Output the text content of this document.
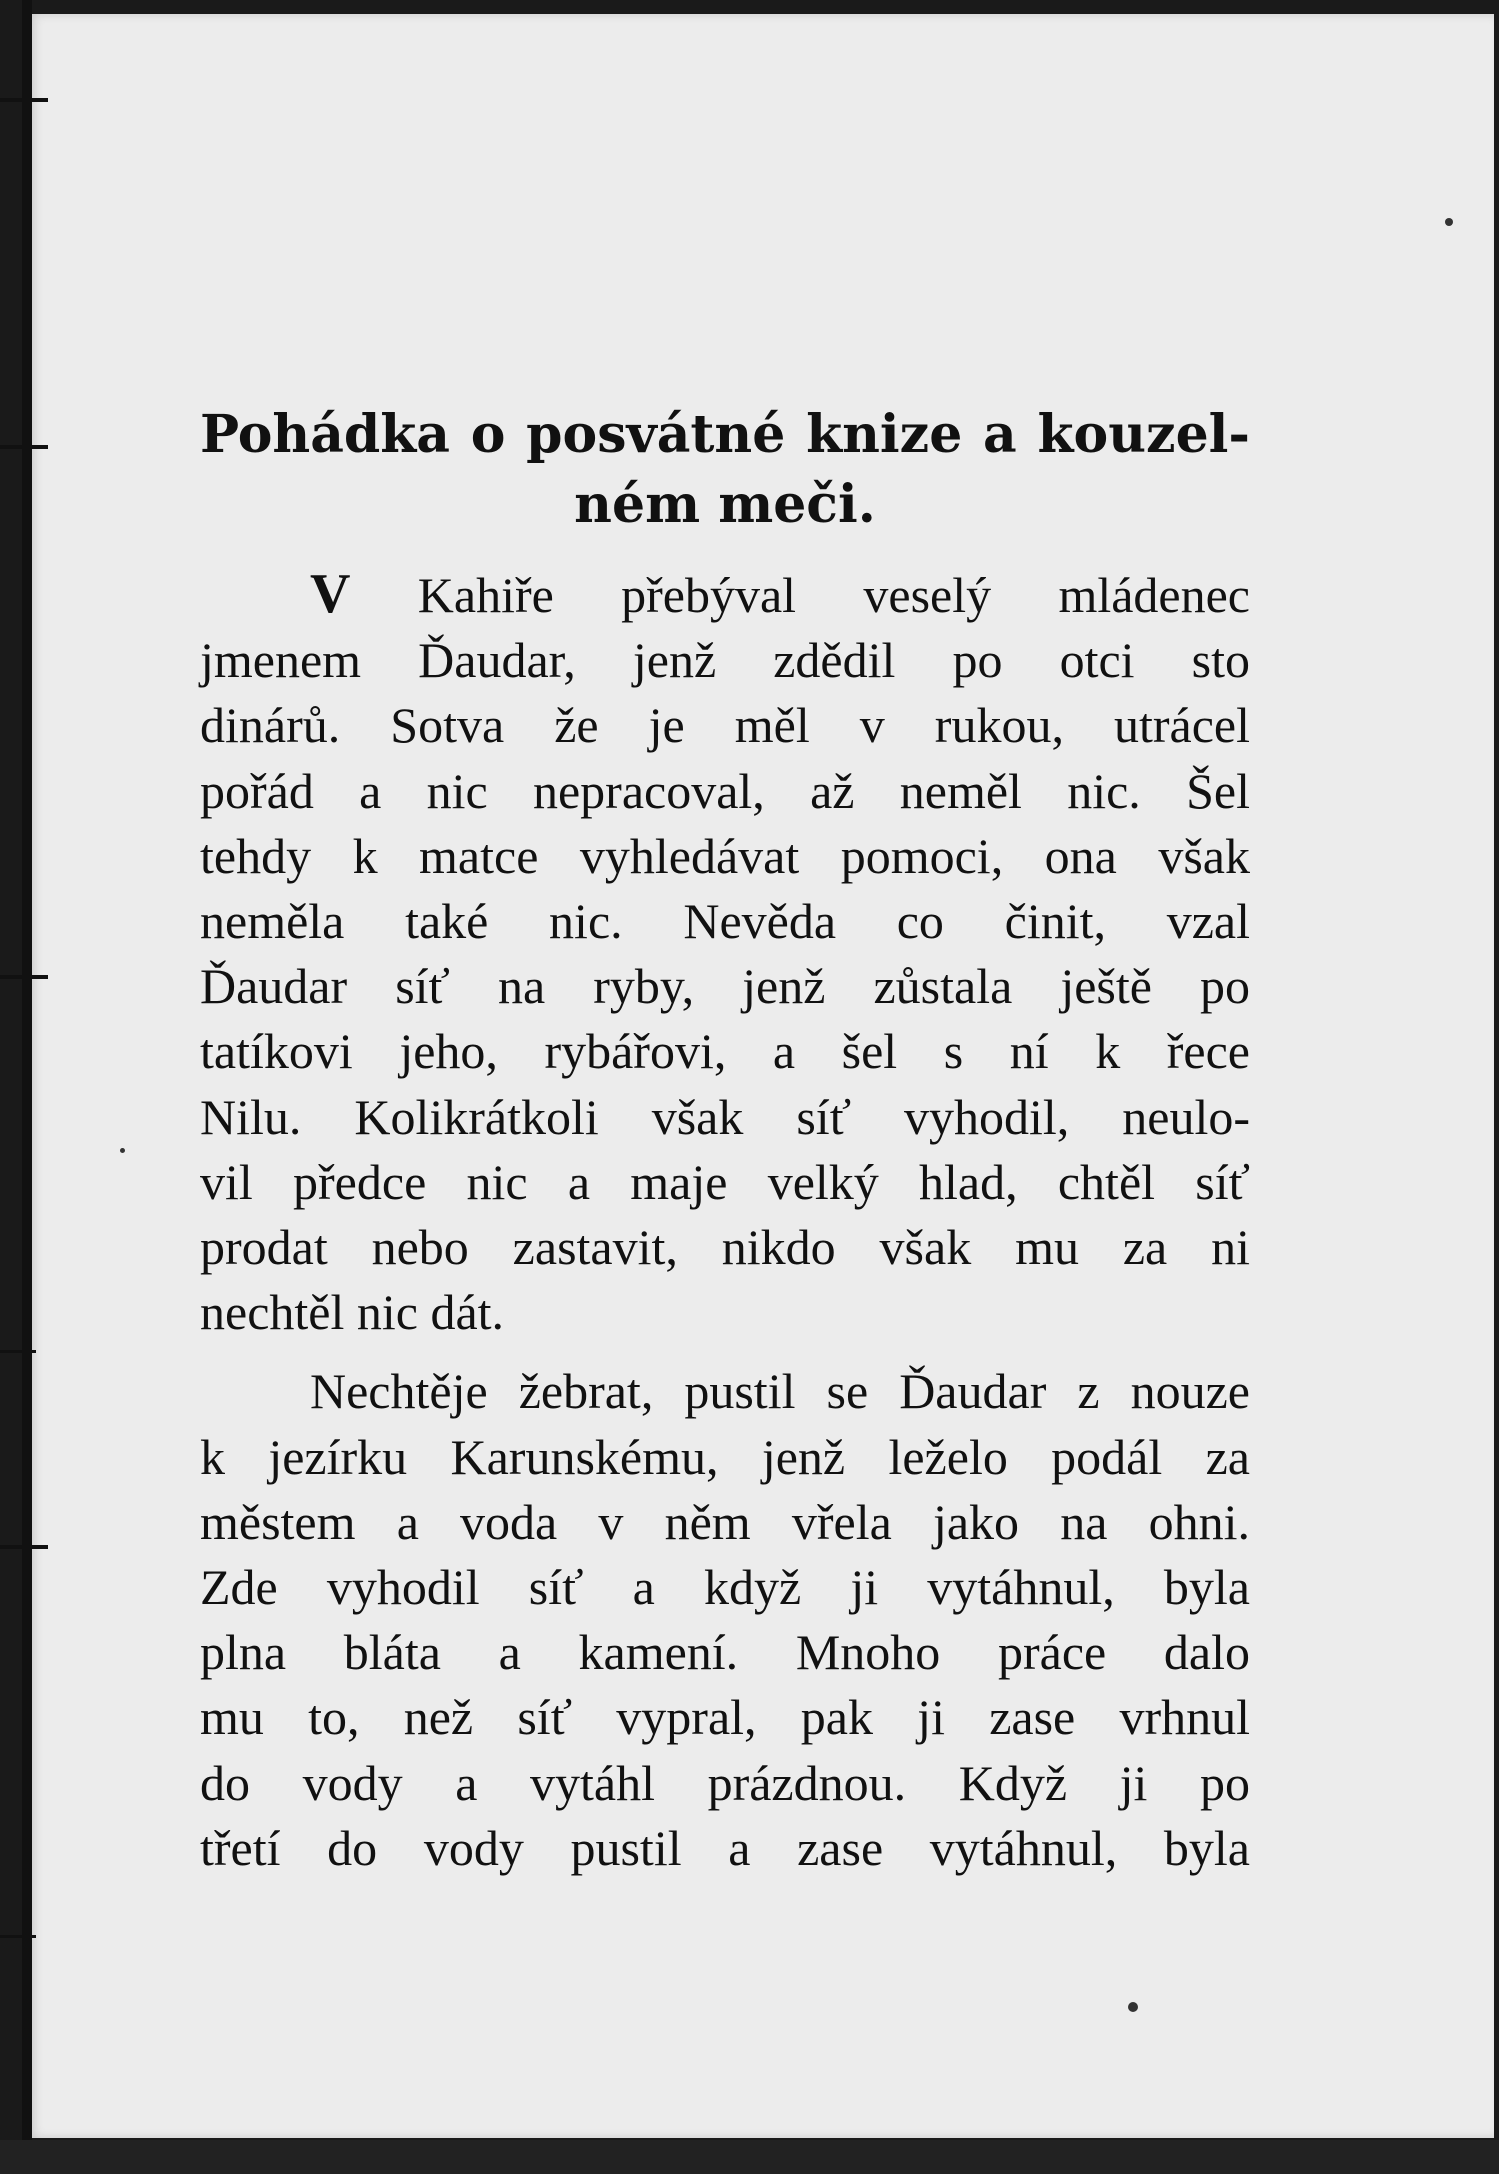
Pohádka o posvátné knize a kouzel-
ném meči.

V Kahiře přebýval veselý mládenec
jmenem Ďaudar, jenž zdědil po otci sto
dinárů. Sotva že je měl v rukou, utrácel
pořád a nic nepracoval, až neměl nic. Šel
tehdy k matce vyhledávat pomoci, ona však
neměla také nic. Nevěda co činit, vzal
Ďaudar síť na ryby, jenž zůstala ještě po
tatíkovi jeho, rybářovi, a šel s ní k řece
Nilu. Kolikrátkoli však síť vyhodil, neulo-
vil předce nic a maje velký hlad, chtěl síť
prodat nebo zastavit, nikdo však mu za ni
nechtěl nic dát.

Nechtěje žebrat, pustil se Ďaudar z nouze
k jezírku Karunskému, jenž leželo podál za
městem a voda v něm vřela jako na ohni.
Zde vyhodil síť a když ji vytáhnul, byla
plna bláta a kamení. Mnoho práce dalo
mu to, než síť vypral, pak ji zase vrhnul
do vody a vytáhl prázdnou. Když ji po
třetí do vody pustil a zase vytáhnul, byla
